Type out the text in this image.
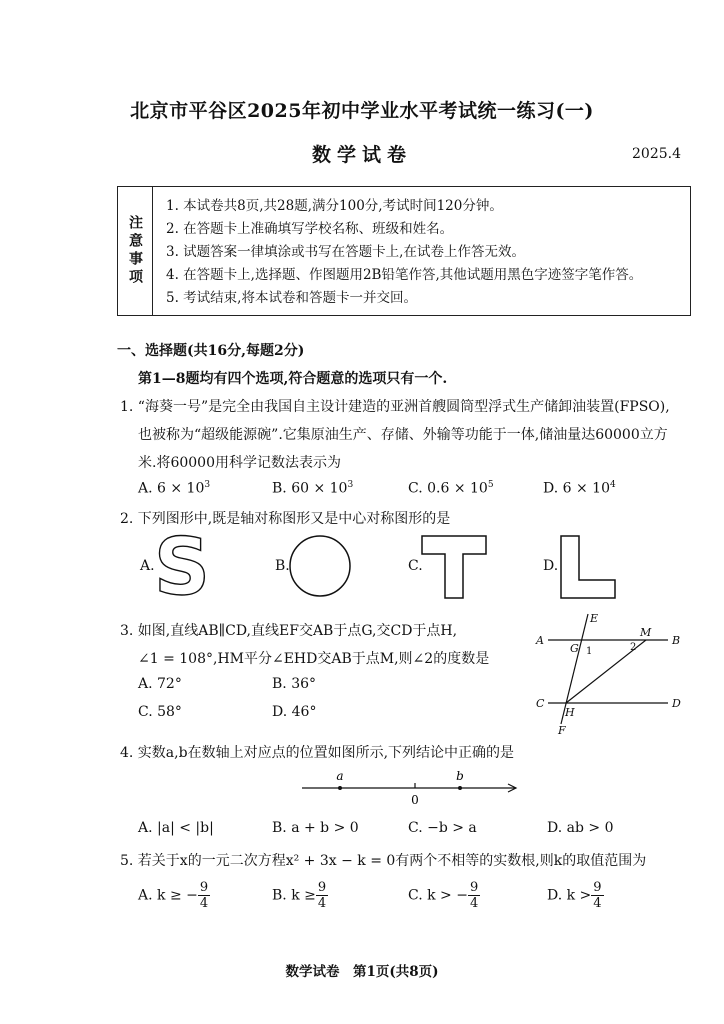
北京市平谷区2025年初中学业水平考试统一练习(一)
数学试卷	2025.4
注意事项
1. 本试卷共8页,共28题,满分100分,考试时间120分钟。
2. 在答题卡上准确填写学校名称、班级和姓名。
3. 试题答案一律填涂或书写在答题卡上,在试卷上作答无效。
4. 在答题卡上,选择题、作图题用2B铅笔作答,其他试题用黑色字迹签字笔作答。
5. 考试结束,将本试卷和答题卡一并交回。
一、选择题(共16分,每题2分)
第1—8题均有四个选项,符合题意的选项只有一个.
1. “海葵一号”是完全由我国自主设计建造的亚洲首艘圆筒型浮式生产储卸油装置(FPSO),
也被称为“超级能源碗”.它集原油生产、存储、外输等功能于一体,储油量达60000立方
米.将60000用科学记数法表示为
A. $6 \times 10^3$	B. $60 \times 10^3$	C. $0.6 \times 10^5$	D. $6 \times 10^4$
2. 下列图形中,既是轴对称图形又是中心对称图形的是
A.	B.	C.	D.
S	T	L
3. 如图,直线AB∥CD,直线EF交AB于点G,交CD于点H,
∠1 = 108°,HM平分∠EHD交AB于点M,则∠2的度数是
A. 72°	B. 36°
C. 58°	D. 46°
A	B
C	D
E
F
G
H
M
1	2
4. 实数a,b在数轴上对应点的位置如图所示,下列结论中正确的是
a	b
0
A. |a| < |b|	B. a + b > 0	C. −b > a	D. ab > 0
5. 若关于x的一元二次方程x² + 3x − k = 0有两个不相等的实数根,则k的取值范围为
A. k ≥ − $\frac{9}{4}$	B. $k \ge \frac{9}{4}$	C. k > − $\frac{9}{4}$	D. $k > \frac{9}{4}$
数学试卷　第1页(共8页)
